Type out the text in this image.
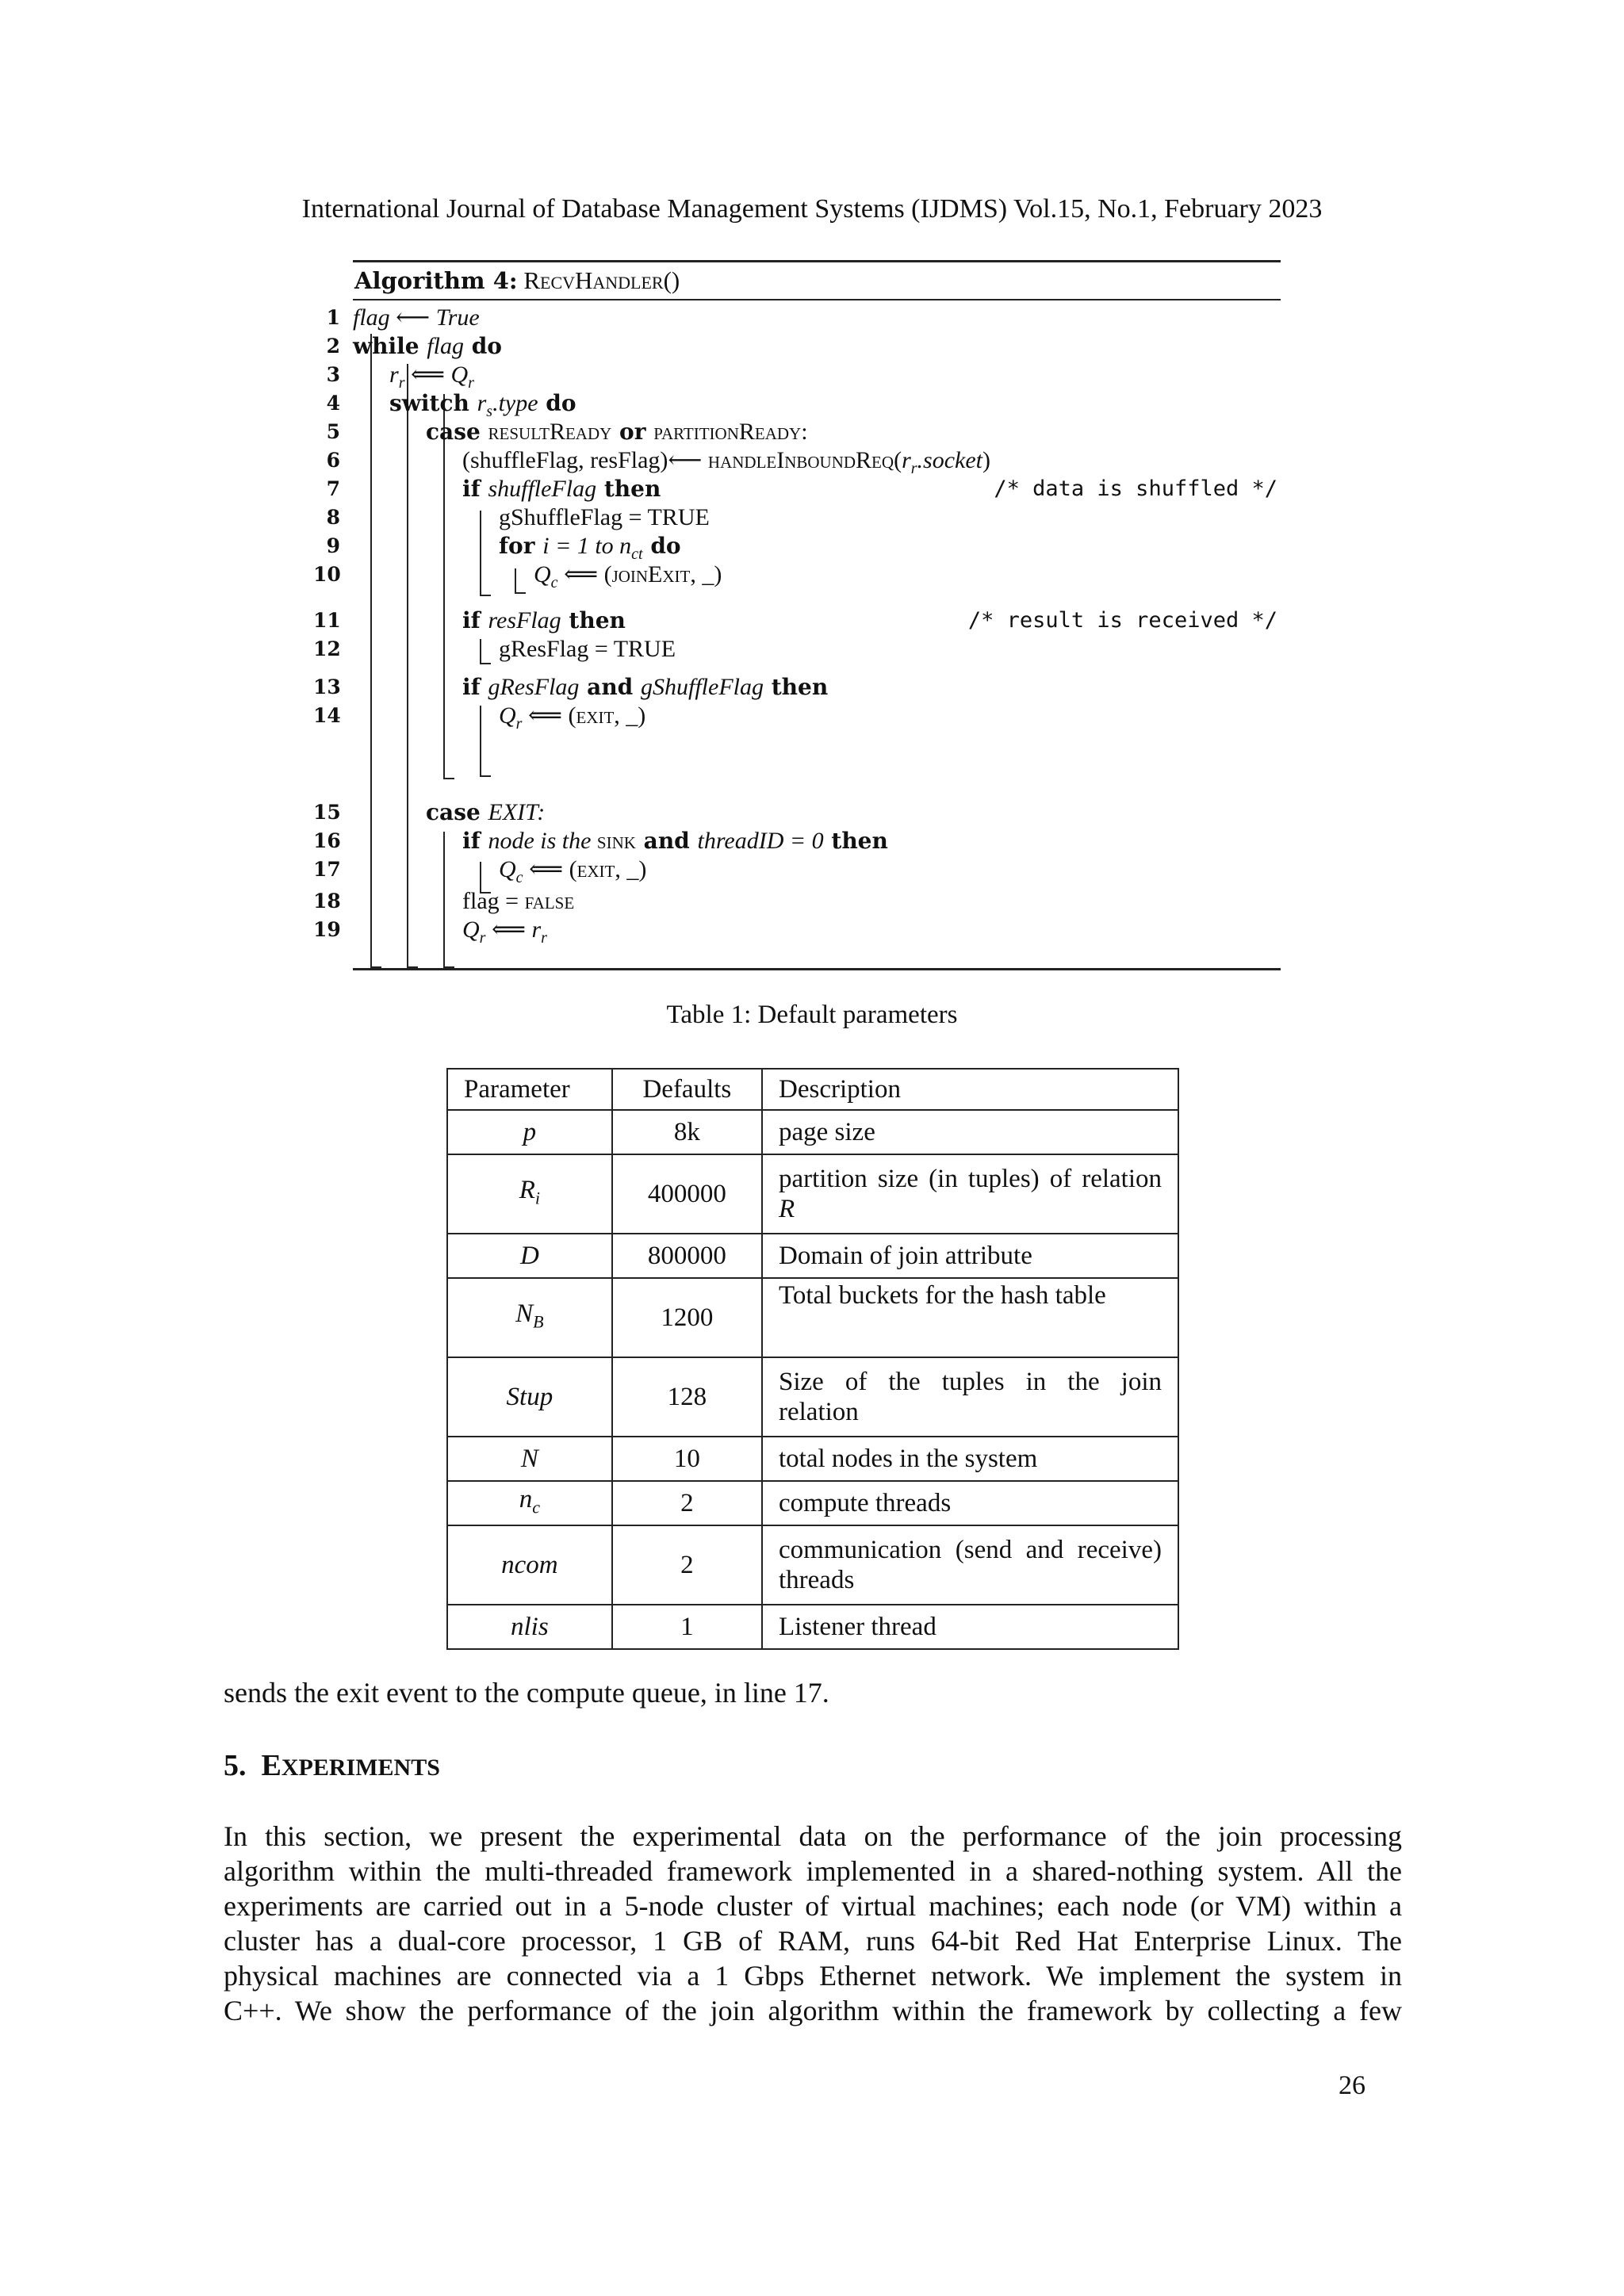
International Journal of Database Management Systems (IJDMS) Vol.15, No.1, February 2023
Algorithm 4: RecvHandler()
1 flag ⟵ True
2 while flag do
3 $r_r$ ⟸ $Q_r$
4 switch $r_s.type$ do
5	case resultReady or partitionReady:
6	(shuffleFlag, resFlag)⟵ $handleInboundReq(r_r.socket)$
7	if shuffleFlag then	/* data is shuffled */
8	gShuffleFlag = TRUE
9	for i = 1 to $n_{ct}$ do
10	$Q_c$ ⟸ (joinExit, _)
11	if resFlag then	/* result is received */
12	gResFlag = TRUE
13	if gResFlag and gShuffleFlag then
14	$Q_r$ ⟸ (exit, _)
15	case EXIT:
16	if node is the sink and threadID = 0 then
17	$Q_c$ ⟸ (exit, _)
18	flag = false
19	$Q_r$ ⟸ $r_r$
Table 1: Default parameters
Parameter	Defaults	Description
p	8k	page size

$R_i$	400000	partition size (in tuples) of relation
R

D	800000	Domain of join attribute

$N_B$	1200	Total buckets for the hash table

Stup	128	Size of the tuples in the join
relation

N	10	total nodes in the system

$n_c$	2	compute threads

ncom	2	communication (send and receive)
threads

nlis	1	Listener thread
sends the exit event to the compute queue, in line 17.
5. EXPERIMENTS
In this section, we present the experimental data on the performance of the join processing
algorithm within the multi-threaded framework implemented in a shared-nothing system. All the
experiments are carried out in a 5-node cluster of virtual machines; each node (or VM) within a
cluster has a dual-core processor, 1 GB of RAM, runs 64-bit Red Hat Enterprise Linux. The
physical machines are connected via a 1 Gbps Ethernet network. We implement the system in
C++. We show the performance of the join algorithm within the framework by collecting a few
26
